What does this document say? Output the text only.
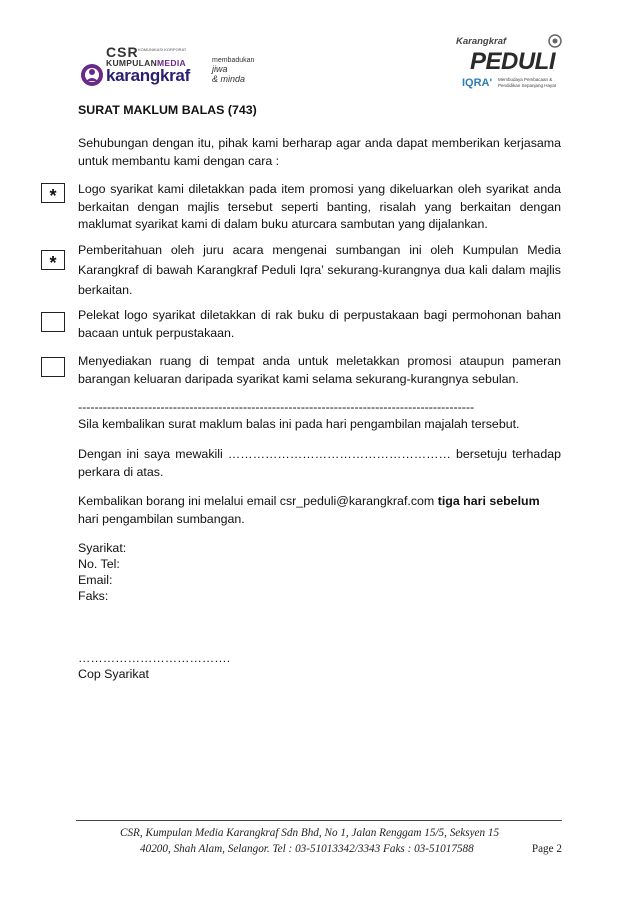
CSR KOMUNIKASI KORPORAT
KUMPULANMEDIA
karangkraf
membadukan
jiwa
& minda
Karangkraf
PEDULI
IQRA' Membudaya Pembacaan & Pendidikan Sepanjang Hayat

SURAT MAKLUM BALAS (743)

Sehubungan dengan itu, pihak kami berharap agar anda dapat memberikan kerjasama untuk membantu kami dengan cara :

*	Logo syarikat kami diletakkan pada item promosi yang dikeluarkan oleh syarikat anda berkaitan dengan majlis tersebut seperti banting, risalah yang berkaitan dengan maklumat syarikat kami di dalam buku aturcara sambutan yang dijalankan.

*

Pemberitahuan oleh juru acara mengenai sumbangan ini oleh Kumpulan Media Karangkraf di bawah Karangkraf Peduli Iqra’ sekurang-kurangnya dua kali dalam majlis berkaitan.

Pelekat logo syarikat diletakkan di rak buku di perpustakaan bagi permohonan bahan bacaan untuk perpustakaan.

Menyediakan ruang di tempat anda untuk meletakkan promosi ataupun pameran barangan keluaran daripada syarikat kami selama sekurang-kurangnya sebulan.

------------------------------------------------------------------------------------------------

Sila kembalikan surat maklum balas ini pada hari pengambilan majalah tersebut.

Dengan ini saya mewakili ……………………………………………… bersetuju terhadap perkara di atas.

Kembalikan borang ini melalui email csr_peduli@karangkraf.com tiga hari sebelum hari pengambilan sumbangan.

Syarikat:

No. Tel:

Email:

Faks:

……………………………….

Cop Syarikat

CSR, Kumpulan Media Karangkraf Sdn Bhd, No 1, Jalan Renggam 15/5, Seksyen 15
40200, Shah Alam, Selangor. Tel : 03-51013342/3343 Faks : 03-51017588	Page 2
